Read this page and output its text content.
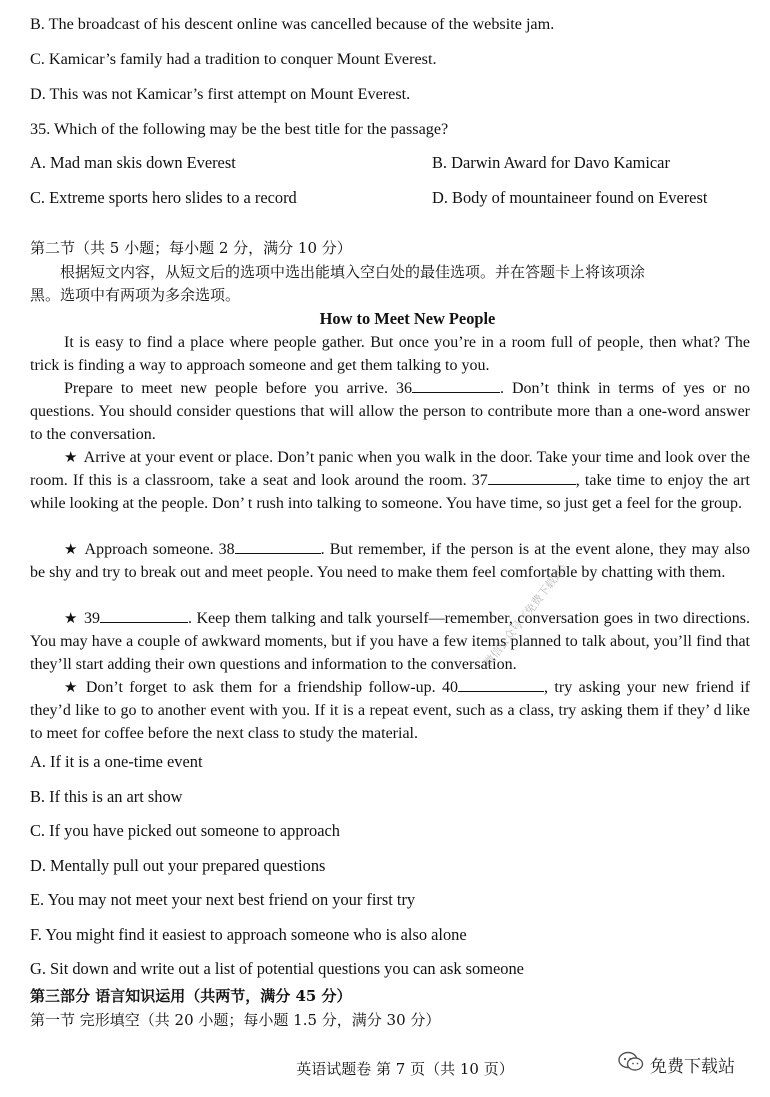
B. The broadcast of his descent online was cancelled because of the website jam.
C. Kamicar’s family had a tradition to conquer Mount Everest.
D. This was not Kamicar’s first attempt on Mount Everest.
35. Which of the following may be the best title for the passage?
A. Mad man skis down Everest	B. Darwin Award for Davo Kamicar
C. Extreme sports hero slides to a record	D. Body of mountaineer found on Everest
第二节（共 5 小题；每小题 2 分，满分 10 分）
根据短文内容，从短文后的选项中选出能填入空白处的最佳选项。并在答题卡上将该项涂
黑。选项中有两项为多余选项。
How to Meet New People
It is easy to find a place where people gather. But once you’re in a room full of people, then what? The trick is finding a way to approach someone and get them talking to you.
Prepare to meet new people before you arrive. 36	. Don’t think in terms of yes or no questions. You should consider questions that will allow the person to contribute more than a one-word answer to the conversation.
★ Arrive at your event or place. Don’t panic when you walk in the door. Take your time and look over the room. If this is a classroom, take a seat and look around the room. 37	, take time to enjoy the art while looking at the people. Don’ t rush into talking to someone. You have time, so just get a feel for the group.
★ Approach someone. 38	. But remember, if the person is at the event alone, they may also be shy and try to break out and meet people. You need to make them feel comfortable by chatting with them.
★ 39	. Keep them talking and talk yourself—remember, conversation goes in two directions. You may have a couple of awkward moments, but if you have a few items planned to talk about, you’ll find that they’ll start adding their own questions and information to the conversation.
★ Don’t forget to ask them for a friendship follow-up. 40	, try asking your new friend if they’d like to go to another event with you. If it is a repeat event, such as a class, try asking them if they’ d like to meet for coffee before the next class to study the material.
A. If it is a one-time event
B. If this is an art show
C. If you have picked out someone to approach
D. Mentally pull out your prepared questions
E. You may not meet your next best friend on your first try
F. You might find it easiest to approach someone who is also alone
G. Sit down and write out a list of potential questions you can ask someone
第三部分 语言知识运用（共两节，满分 45 分）
第一节 完形填空（共 20 小题；每小题 1.5 分，满分 30 分）
英语试题卷 第 7 页（共 10 页）
微信公众号《免费下载站》
免费下载站
